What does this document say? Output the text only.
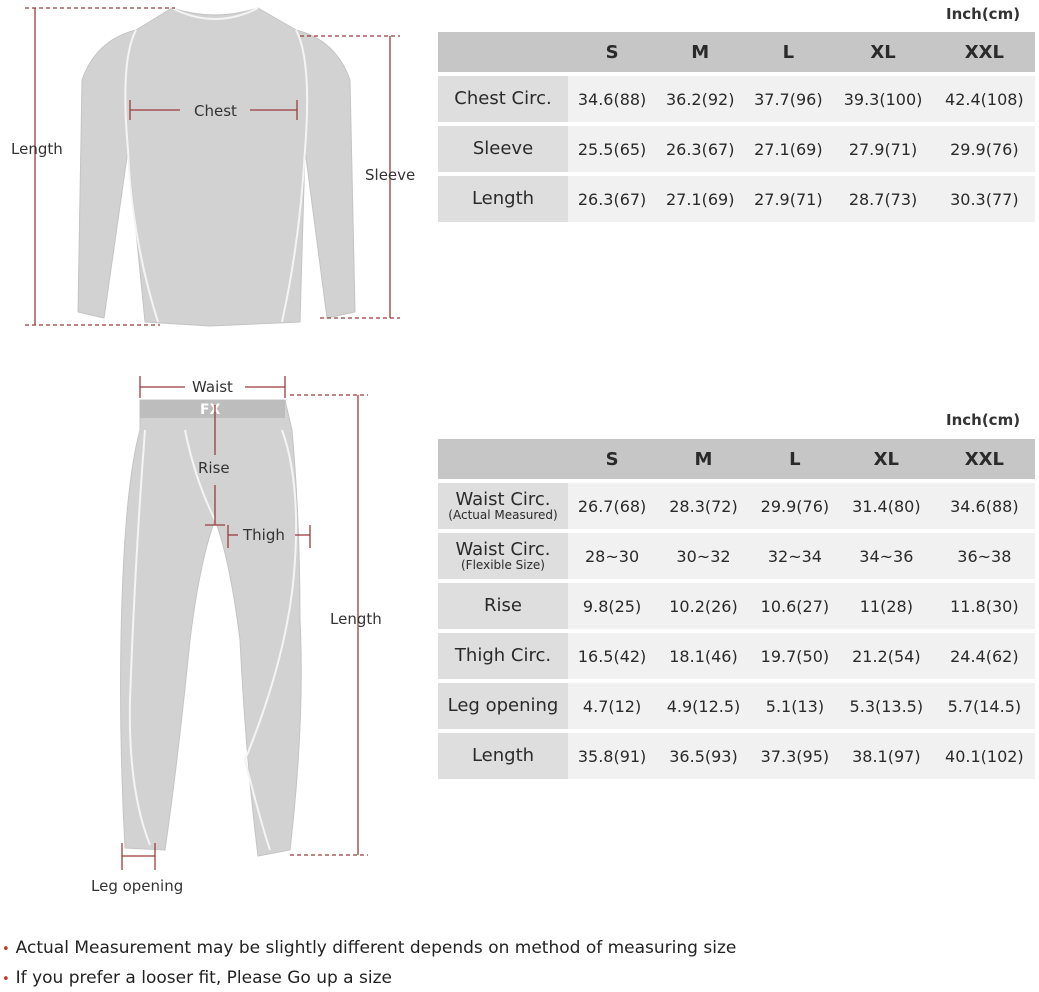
FX
Chest
Length
Sleeve
Waist
Rise
Thigh
Length
Leg opening
Inch(cm)
	S	M	L	XL	XXL
Chest Circ.	34.6(88)	36.2(92)	37.7(96)	39.3(100)	42.4(108)
Sleeve	25.5(65)	26.3(67)	27.1(69)	27.9(71)	29.9(76)
Length	26.3(67)	27.1(69)	27.9(71)	28.7(73)	30.3(77)
Inch(cm)
	S	M	L	XL	XXL
Waist Circ.
(Actual Measured)	26.7(68)	28.3(72)	29.9(76)	31.4(80)	34.6(88)
Waist Circ.
(Flexible Size)	28~30	30~32	32~34	34~36	36~38
Rise	9.8(25)	10.2(26)	10.6(27)	11(28)	11.8(30)
Thigh Circ.	16.5(42)	18.1(46)	19.7(50)	21.2(54)	24.4(62)
Leg opening	4.7(12)	4.9(12.5)	5.1(13)	5.3(13.5)	5.7(14.5)
Length	35.8(91)	36.5(93)	37.3(95)	38.1(97)	40.1(102)
• Actual Measurement may be slightly different depends on method of measuring size
• If you prefer a looser fit, Please Go up a size
